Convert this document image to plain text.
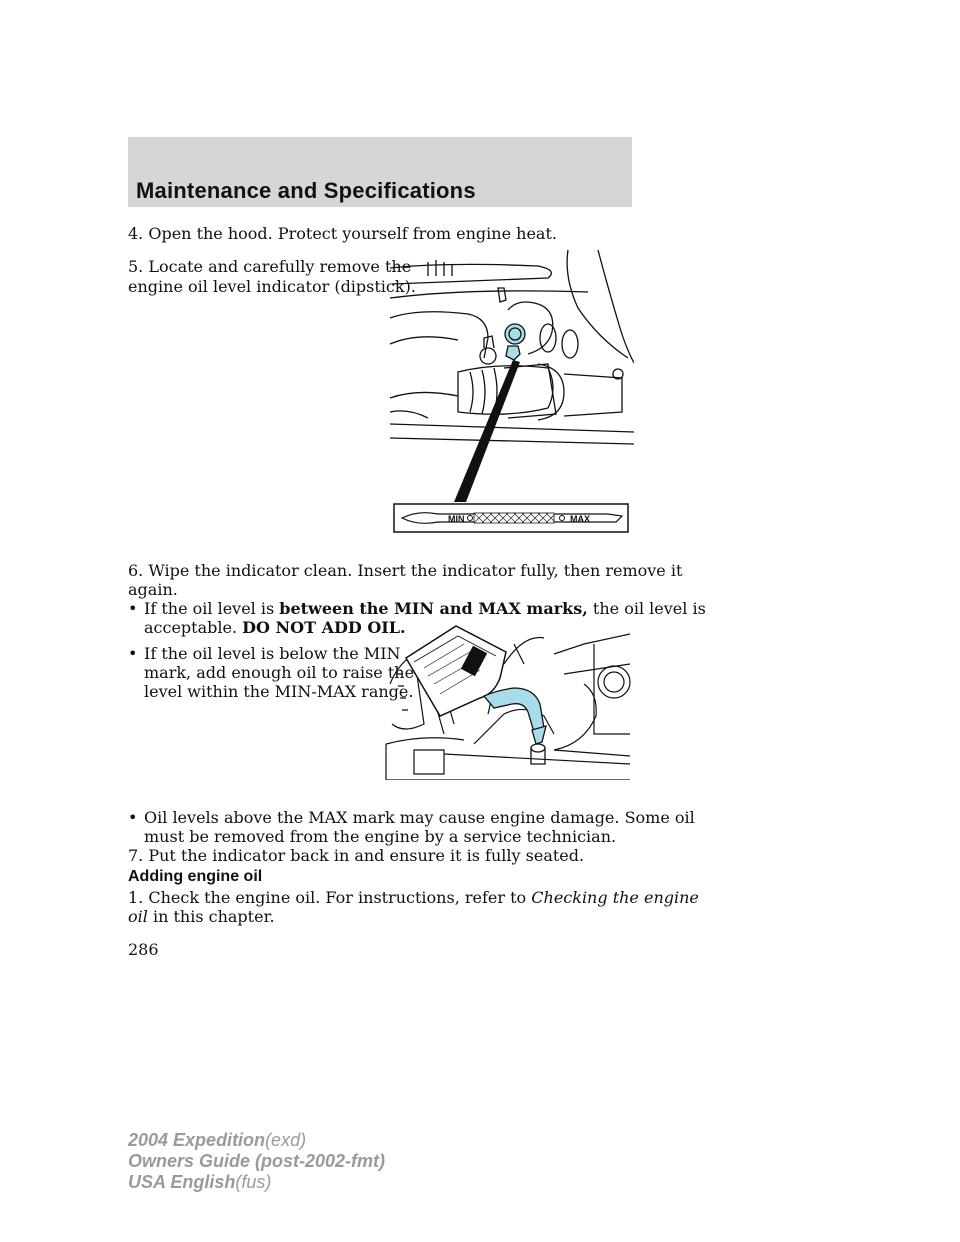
Maintenance and Specifications
4. Open the hood. Protect yourself from engine heat.
5. Locate and carefully remove the
engine oil level indicator (dipstick).
MIN	MAX
6. Wipe the indicator clean. Insert the indicator fully, then remove it
again.
• If the oil level is between the MIN and MAX marks, the oil level is
acceptable. DO NOT ADD OIL.
• If the oil level is below the MIN
mark, add enough oil to raise the
level within the MIN-MAX range.
• Oil levels above the MAX mark may cause engine damage. Some oil
must be removed from the engine by a service technician.
7. Put the indicator back in and ensure it is fully seated.
Adding engine oil
1. Check the engine oil. For instructions, refer to Checking the engine
oil in this chapter.
286
2004 Expedition(exd)
Owners Guide (post-2002-fmt)
USA English(fus)
